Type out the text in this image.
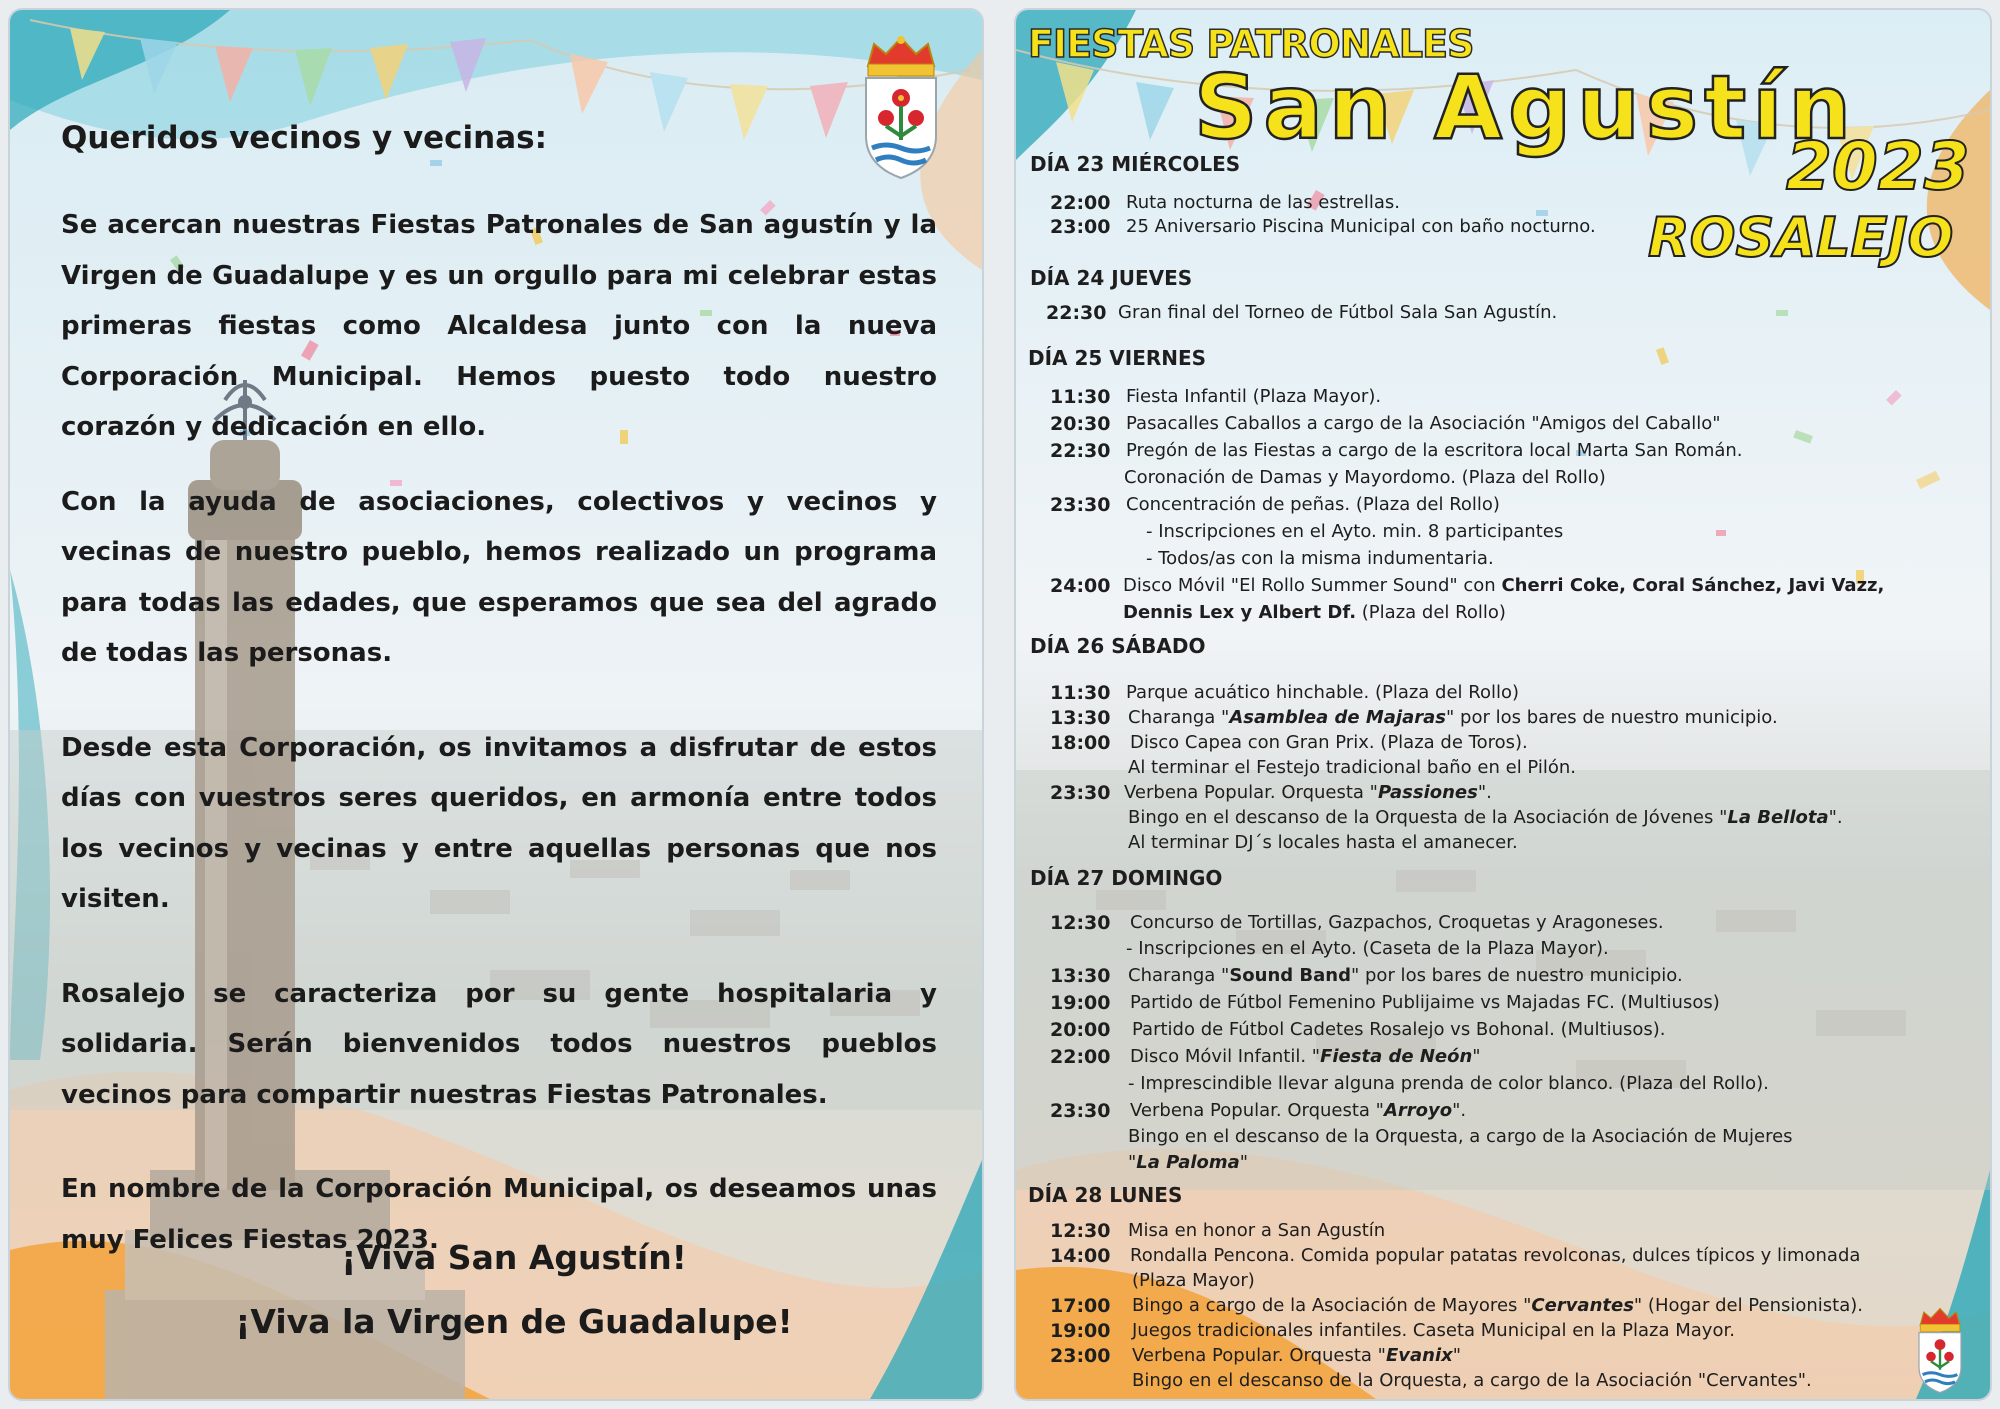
Queridos vecinos y vecinas:

Se acercan nuestras Fiestas Patronales de San agustín y la Virgen de Guadalupe y es un orgullo para mi celebrar estas primeras fiestas como Alcaldesa junto con la nueva Corporación Municipal. Hemos puesto todo nuestro corazón y dedicación en ello.

Con la ayuda de asociaciones, colectivos y vecinos y vecinas de nuestro pueblo, hemos realizado un programa para todas las edades, que esperamos que sea del agrado de todas las personas.

Desde esta Corporación, os invitamos a disfrutar de estos días con vuestros seres queridos, en armonía entre todos los vecinos y vecinas y entre aquellas personas que nos visiten.

Rosalejo se caracteriza por su gente hospitalaria y solidaria. Serán bienvenidos todos nuestros pueblos vecinos para compartir nuestras Fiestas Patronales.

En nombre de la Corporación Municipal, os deseamos unas muy Felices Fiestas 2023.

¡Viva San Agustín!
¡Viva la Virgen de Guadalupe!
FIESTAS PATRONALES
San Agustín
2023
ROSALEJO
DÍA 23 MIÉRCOLES
22:00 Ruta nocturna de las estrellas.
23:00 25 Aniversario Piscina Municipal con baño nocturno.
DÍA 24 JUEVES
22:30 Gran final del Torneo de Fútbol Sala San Agustín.
DÍA 25 VIERNES
11:30 Fiesta Infantil (Plaza Mayor).
20:30 Pasacalles Caballos a cargo de la Asociación "Amigos del Caballo"
22:30 Pregón de las Fiestas a cargo de la escritora local Marta San Román.
Coronación de Damas y Mayordomo. (Plaza del Rollo)
23:30 Concentración de peñas. (Plaza del Rollo)
- Inscripciones en el Ayto. min. 8 participantes
- Todos/as con la misma indumentaria.
24:00 Disco Móvil "El Rollo Summer Sound" con Cherri Coke, Coral Sánchez, Javi Vazz,
Dennis Lex y Albert Df. (Plaza del Rollo)
DÍA 26 SÁBADO
11:30 Parque acuático hinchable. (Plaza del Rollo)
13:30 Charanga "Asamblea de Majaras" por los bares de nuestro municipio.
18:00 Disco Capea con Gran Prix. (Plaza de Toros).
Al terminar el Festejo tradicional baño en el Pilón.
23:30 Verbena Popular. Orquesta "Passiones".
Bingo en el descanso de la Orquesta de la Asociación de Jóvenes "La Bellota".
Al terminar DJ´s locales hasta el amanecer.
DÍA 27 DOMINGO
12:30 Concurso de Tortillas, Gazpachos, Croquetas y Aragoneses.
- Inscripciones en el Ayto. (Caseta de la Plaza Mayor).
13:30 Charanga "Sound Band" por los bares de nuestro municipio.
19:00 Partido de Fútbol Femenino Publijaime vs Majadas FC. (Multiusos)
20:00 Partido de Fútbol Cadetes Rosalejo vs Bohonal. (Multiusos).
22:00 Disco Móvil Infantil. "Fiesta de Neón"
- Imprescindible llevar alguna prenda de color blanco. (Plaza del Rollo).
23:30 Verbena Popular. Orquesta "Arroyo".
Bingo en el descanso de la Orquesta, a cargo de la Asociación de Mujeres
"La Paloma"
DÍA 28 LUNES
12:30 Misa en honor a San Agustín
14:00 Rondalla Pencona. Comida popular patatas revolconas, dulces típicos y limonada
(Plaza Mayor)
17:00 Bingo a cargo de la Asociación de Mayores "Cervantes" (Hogar del Pensionista).
19:00 Juegos tradicionales infantiles. Caseta Municipal en la Plaza Mayor.
23:00 Verbena Popular. Orquesta "Evanix"
Bingo en el descanso de la Orquesta, a cargo de la Asociación "Cervantes".
